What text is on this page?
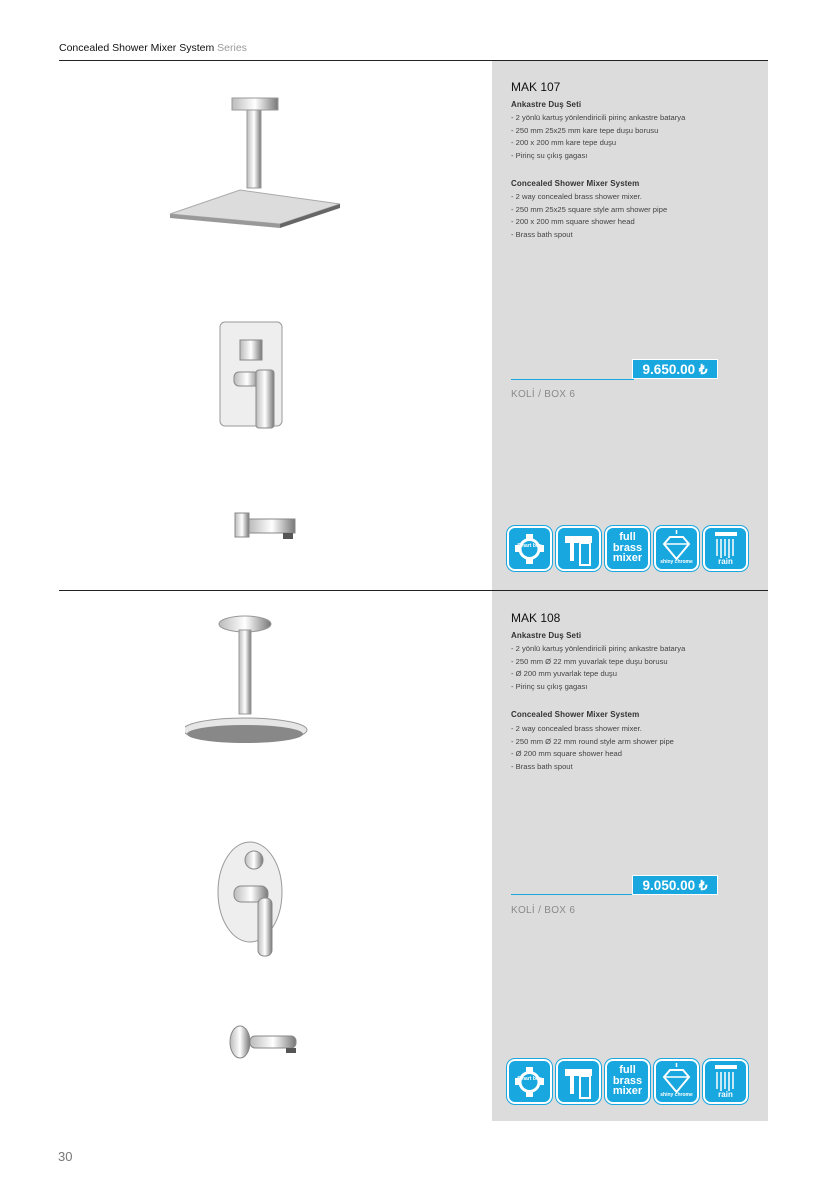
Concealed Shower Mixer System Series
MAK 107
Ankastre Duş Seti
- 2 yönlü kartuş yönlendiricili pirinç ankastre batarya
- 250 mm 25x25 mm kare tepe duşu borusu
- 200 x 200 mm kare tepe duşu
- Pirinç su çıkış gagası
Concealed Shower Mixer System
- 2 way concealed brass shower mixer.
- 250 mm 25x25 square style arm shower pipe
- 200 x 200 mm square shower head
- Brass bath spout
9.650.00 ₺
KOLİ / BOX 6
Smart box
full brass mixer	shiny chrome	rain
MAK 108
Ankastre Duş Seti
- 2 yönlü kartuş yönlendiricili pirinç ankastre batarya
- 250 mm Ø 22 mm yuvarlak tepe duşu borusu
- Ø 200 mm yuvarlak tepe duşu
- Pirinç su çıkış gagası
Concealed Shower Mixer System
- 2 way concealed brass shower mixer.
- 250 mm Ø 22 mm round style arm shower pipe
- Ø 200 mm square shower head
- Brass bath spout
9.050.00 ₺
KOLİ / BOX 6
Smart box
full brass mixer	shiny chrome	rain
30
